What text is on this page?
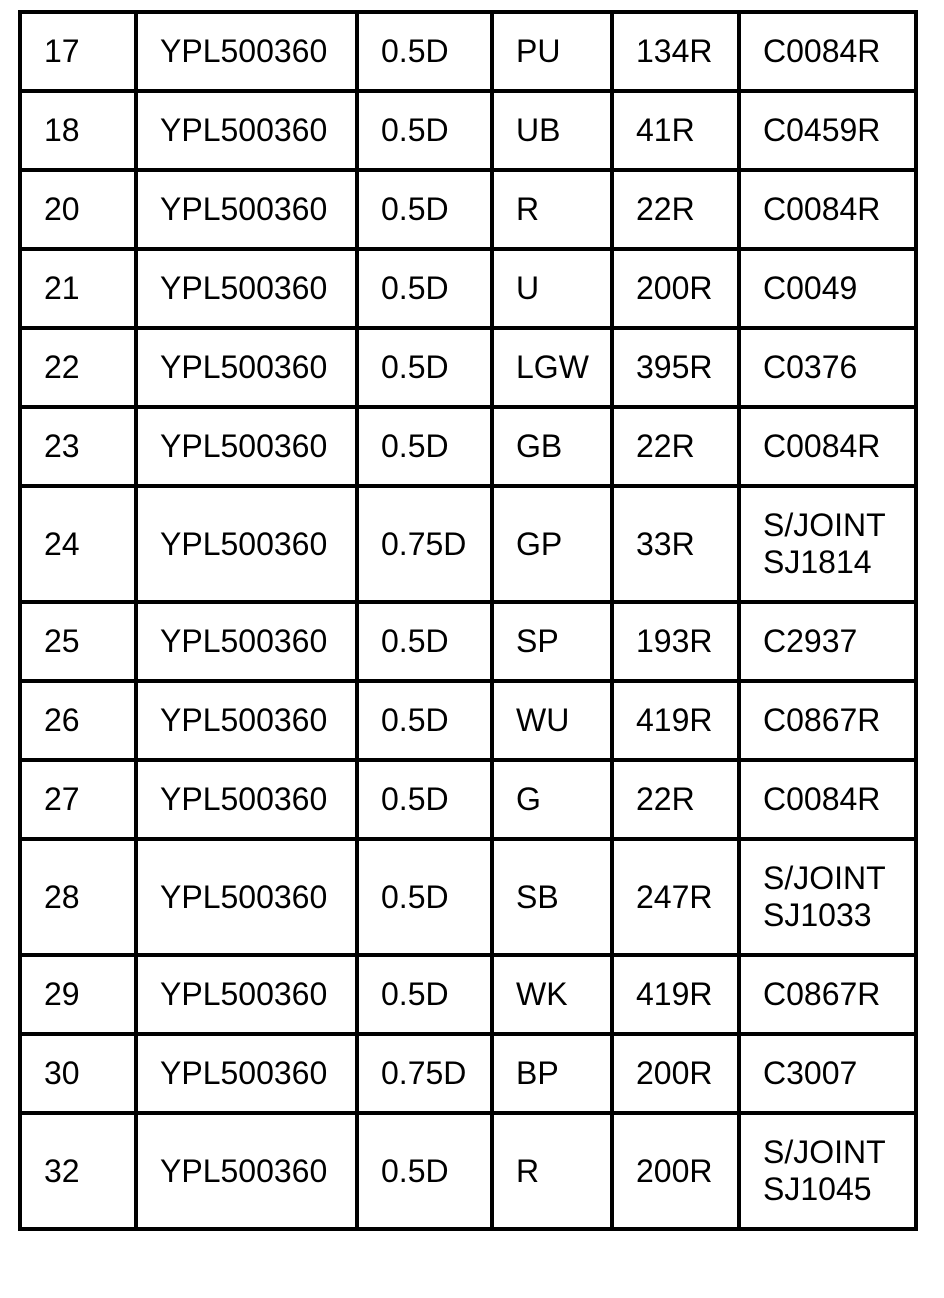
17	YPL500360	0.5D	PU	134R	C0084R

18	YPL500360	0.5D	UB	41R	C0459R

20	YPL500360	0.5D	R	22R	C0084R

21	YPL500360	0.5D	U	200R	C0049

22	YPL500360	0.5D	LGW	395R	C0376

23	YPL500360	0.5D	GB	22R	C0084R

24	YPL500360	0.75D	GP	33R	S/JOINT
SJ1814

25	YPL500360	0.5D	SP	193R	C2937

26	YPL500360	0.5D	WU	419R	C0867R

27	YPL500360	0.5D	G	22R	C0084R

28	YPL500360	0.5D	SB	247R	S/JOINT
SJ1033

29	YPL500360	0.5D	WK	419R	C0867R

30	YPL500360	0.75D	BP	200R	C3007

32	YPL500360	0.5D	R	200R	S/JOINT
SJ1045
